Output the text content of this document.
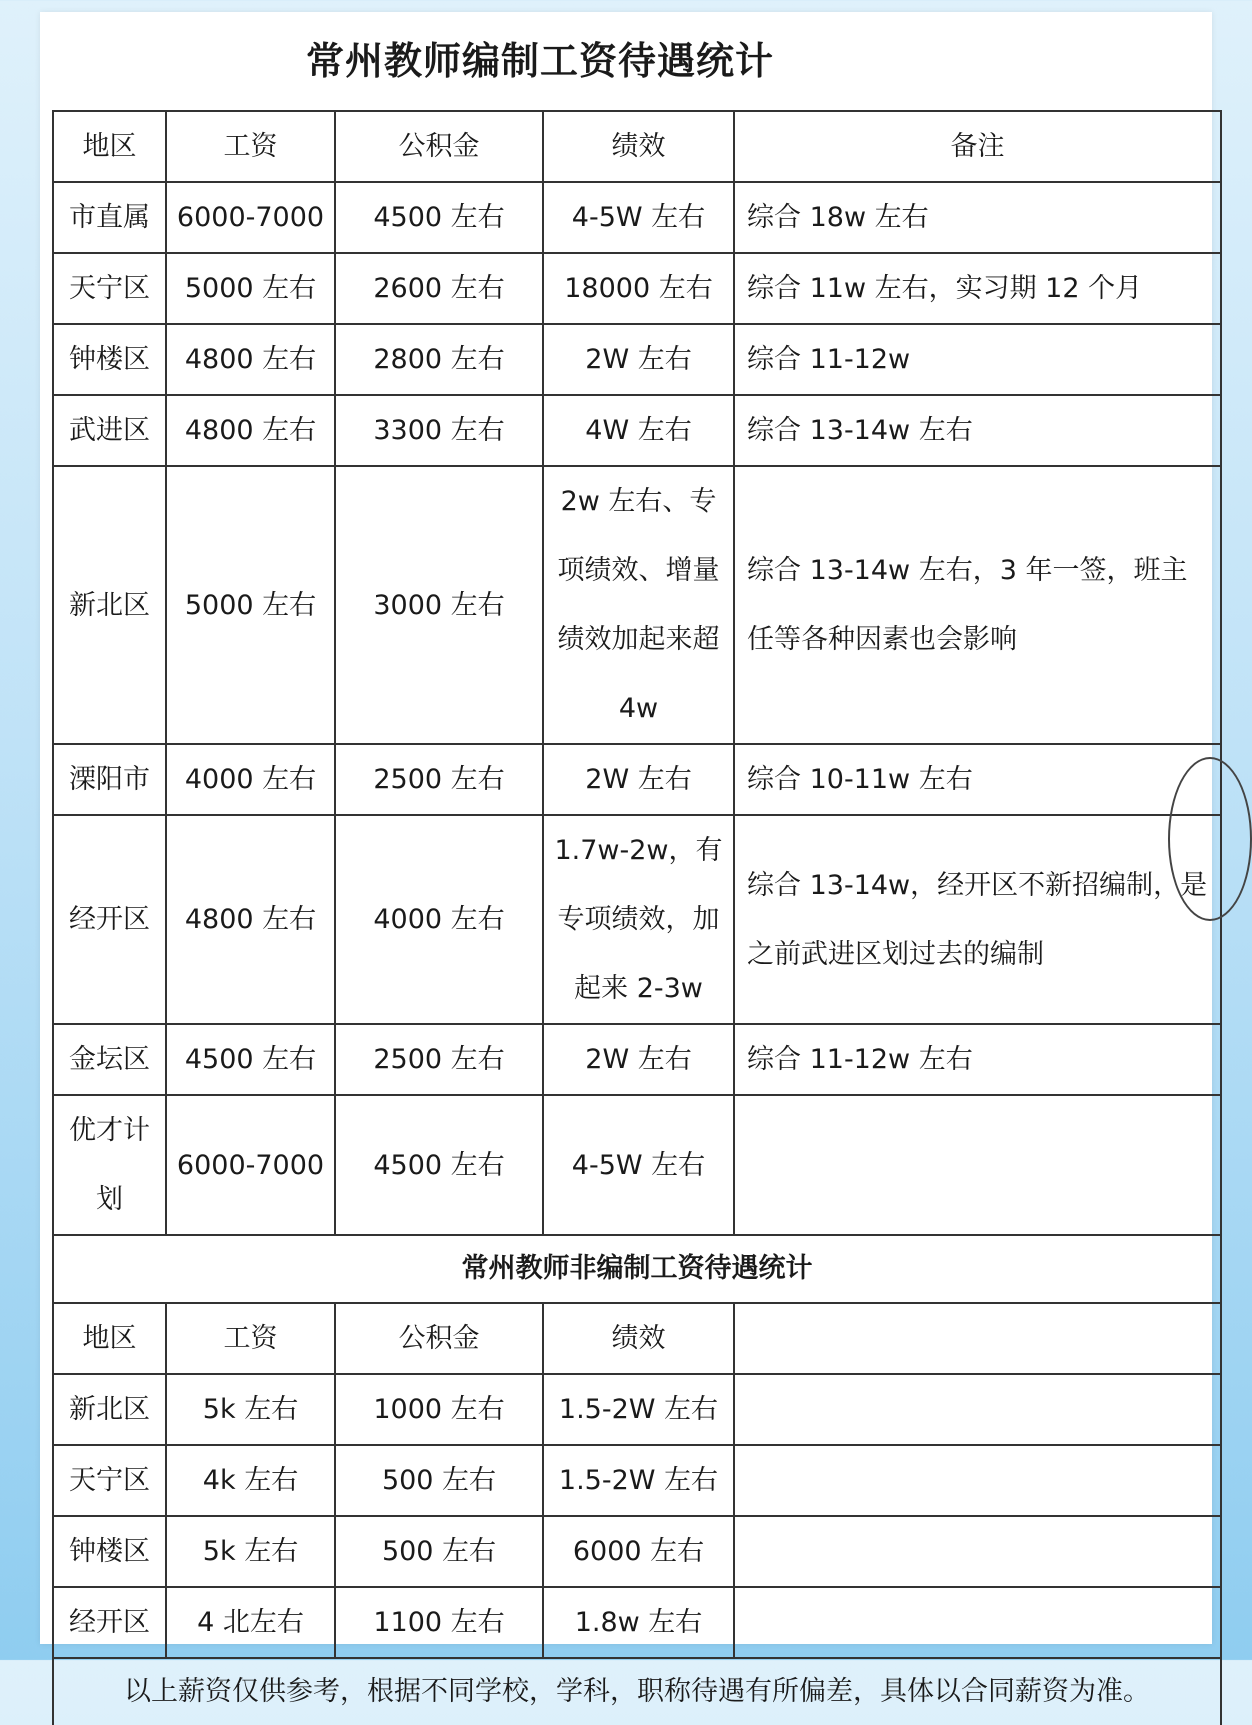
常州教师编制工资待遇统计
地区	工资	公积金	绩效	备注
市直属	6000-7000	4500 左右	4-5W 左右	综合 18w 左右
天宁区	5000 左右	2600 左右	18000 左右	综合 11w 左右，实习期 12 个月
钟楼区	4800 左右	2800 左右	2W 左右	综合 11-12w
武进区	4800 左右	3300 左右	4W 左右	综合 13-14w 左右
新北区	5000 左右	3000 左右	2w 左右、专项绩效、增量绩效加起来超 4w	综合 13-14w 左右，3 年一签，班主任等各种因素也会影响
溧阳市	4000 左右	2500 左右	2W 左右	综合 10-11w 左右
经开区	4800 左右	4000 左右	1.7w-2w，有专项绩效，加起来 2-3w	综合 13-14w，经开区不新招编制，是之前武进区划过去的编制
金坛区	4500 左右	2500 左右	2W 左右	综合 11-12w 左右
优才计划	6000-7000	4500 左右	4-5W 左右	
常州教师非编制工资待遇统计				
地区	工资	公积金	绩效	
新北区	5k 左右	1000 左右	1.5-2W 左右	
天宁区	4k 左右	500 左右	1.5-2W 左右	
钟楼区	5k 左右	500 左右	6000 左右	
经开区	4 北左右	1100 左右	1.8w 左右	
以上薪资仅供参考，根据不同学校，学科，职称待遇有所偏差，具体以合同薪资为准。				
